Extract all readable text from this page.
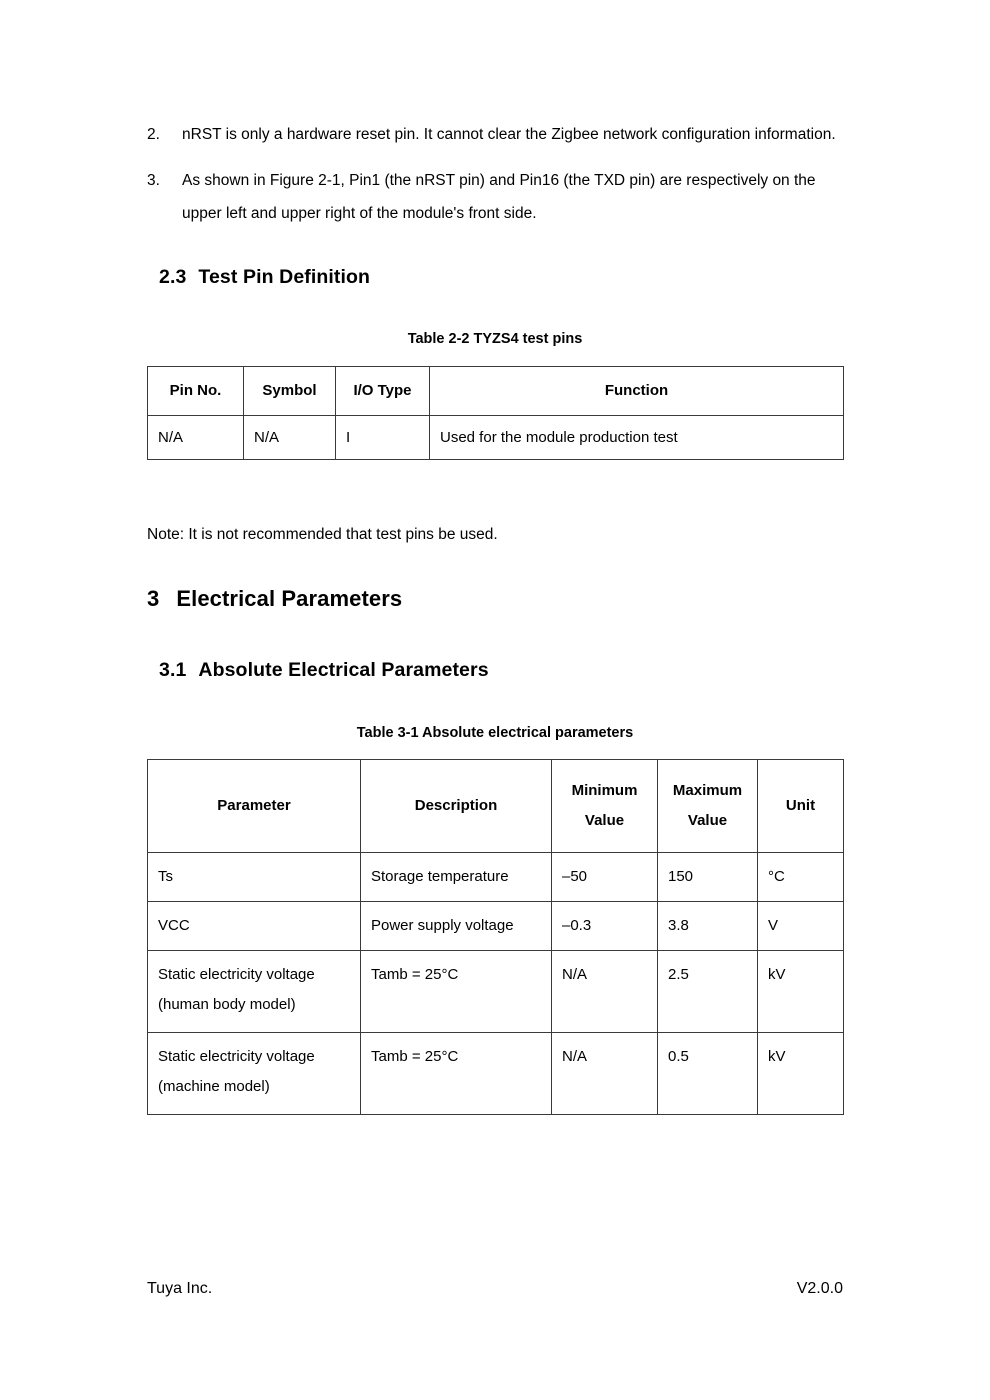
2.	nRST is only a hardware reset pin. It cannot clear the Zigbee network configuration information.
3.	As shown in Figure 2-1, Pin1 (the nRST pin) and Pin16 (the TXD pin) are respectively on the upper left and upper right of the module's front side.
2.3 Test Pin Definition
Table 2-2 TYZS4 test pins
Pin No.	Symbol	I/O Type	Function
N/A	N/A	I	Used for the module production test
Note: It is not recommended that test pins be used.
3 Electrical Parameters
3.1 Absolute Electrical Parameters
Table 3-1 Absolute electrical parameters
Parameter	Description	Minimum Value	Maximum Value	Unit
Ts	Storage temperature	–50	150	°C
VCC	Power supply voltage	–0.3	3.8	V
Static electricity voltage (human body model)	Tamb = 25°C	N/A	2.5	kV
Static electricity voltage (machine model)	Tamb = 25°C	N/A	0.5	kV
Tuya Inc.	V2.0.0
